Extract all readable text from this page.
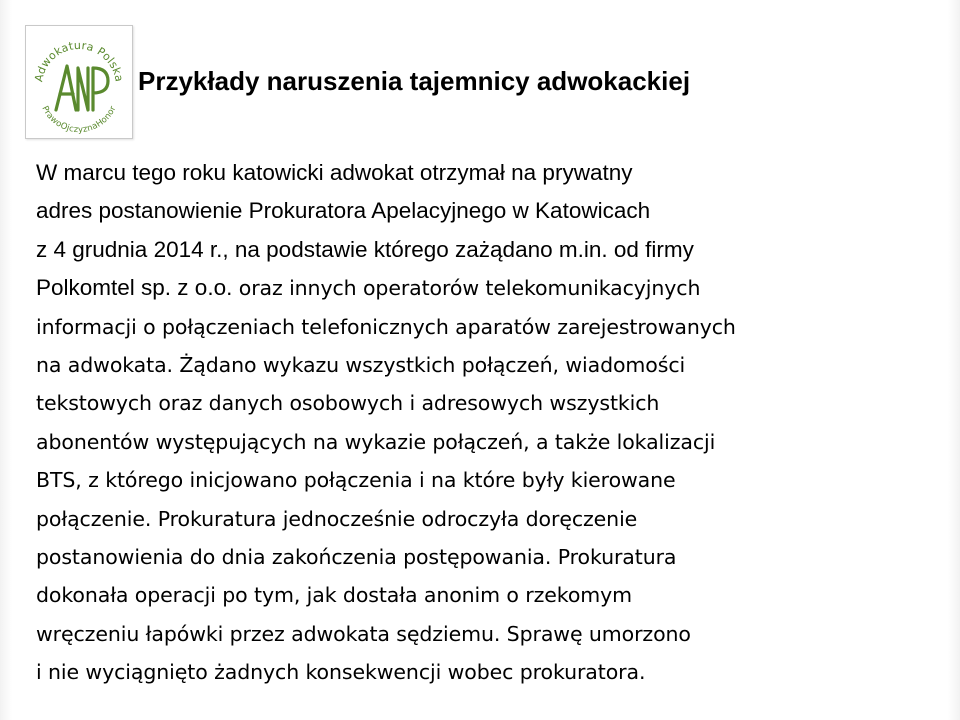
Adwokatura Polska
PrawoOjczyznaHonor
Przykłady naruszenia tajemnicy adwokackiej
W marcu tego roku katowicki adwokat otrzymał na prywatny
adres postanowienie Prokuratora Apelacyjnego w Katowicach
z 4 grudnia 2014 r., na podstawie którego zażądano m.in. od firmy
Polkomtel sp. z o.o. oraz innych operatorów telekomunikacyjnych
informacji o połączeniach telefonicznych aparatów zarejestrowanych
na adwokata. Żądano wykazu wszystkich połączeń, wiadomości
tekstowych oraz danych osobowych i adresowych wszystkich
abonentów występujących na wykazie połączeń, a także lokalizacji
BTS, z którego inicjowano połączenia i na które były kierowane
połączenie. Prokuratura jednocześnie odroczyła doręczenie
postanowienia do dnia zakończenia postępowania. Prokuratura
dokonała operacji po tym, jak dostała anonim o rzekomym
wręczeniu łapówki przez adwokata sędziemu. Sprawę umorzono
i nie wyciągnięto żadnych konsekwencji wobec prokuratora.
